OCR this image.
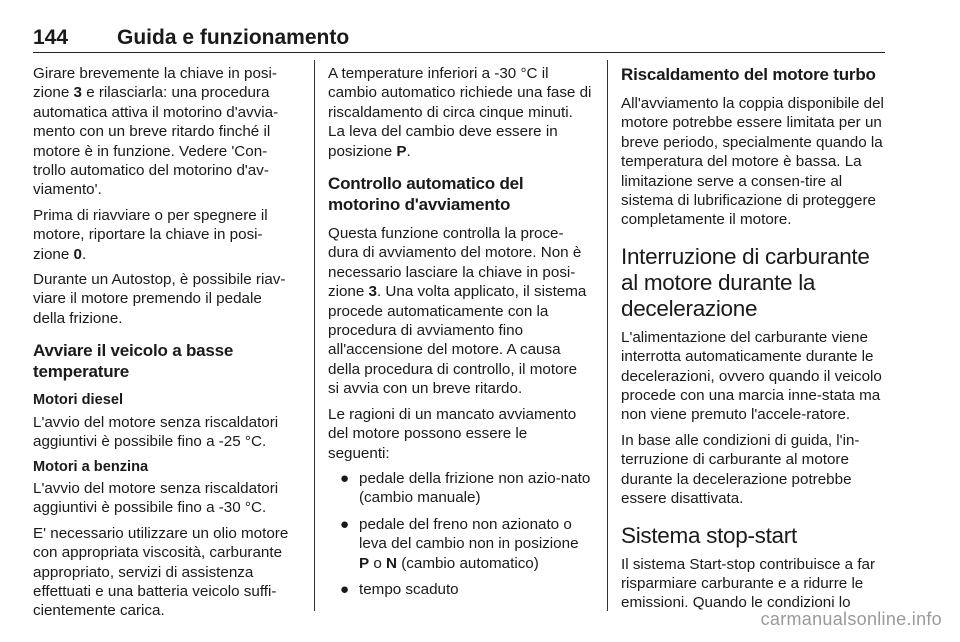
144 Guida e funzionamento

Girare brevemente la chiave in posi-zione 3 e rilasciarla: una procedura automatica attiva il motorino d'avvia-mento con un breve ritardo finché il motore è in funzione. Vedere 'Con-trollo automatico del motorino d'av-viamento'.

Prima di riavviare o per spegnere il motore, riportare la chiave in posi-zione 0.

Durante un Autostop, è possibile riav-viare il motore premendo il pedale della frizione.

Avviare il veicolo a basse temperature
Motori diesel

L'avvio del motore senza riscaldatori aggiuntivi è possibile fino a -25 °C.

Motori a benzina

L'avvio del motore senza riscaldatori aggiuntivi è possibile fino a -30 °C.

E' necessario utilizzare un olio motore con appropriata viscosità, carburante appropriato, servizi di assistenza effettuati e una batteria veicolo suffi-cientemente carica.

A temperature inferiori a -30 °C il cambio automatico richiede una fase di riscaldamento di circa cinque minuti. La leva del cambio deve essere in posizione P.

Controllo automatico del motorino d'avviamento

Questa funzione controlla la proce-dura di avviamento del motore. Non è necessario lasciare la chiave in posi-zione 3. Una volta applicato, il sistema procede automaticamente con la procedura di avviamento fino all'accensione del motore. A causa della procedura di controllo, il motore si avvia con un breve ritardo.

Le ragioni di un mancato avviamento del motore possono essere le seguenti:

● pedale della frizione non azio-nato (cambio manuale)
● pedale del freno non azionato o leva del cambio non in posizione P o N (cambio automatico)
● tempo scaduto
Riscaldamento del motore turbo

All'avviamento la coppia disponibile del motore potrebbe essere limitata per un breve periodo, specialmente quando la temperatura del motore è bassa. La limitazione serve a consen-tire al sistema di lubrificazione di proteggere completamente il motore.

Interruzione di carburante al motore durante la decelerazione

L'alimentazione del carburante viene interrotta automaticamente durante le decelerazioni, ovvero quando il veicolo procede con una marcia inne-stata ma non viene premuto l'accele-ratore.

In base alle condizioni di guida, l'in-terruzione di carburante al motore durante la decelerazione potrebbe essere disattivata.

Sistema stop-start

Il sistema Start-stop contribuisce a far risparmiare carburante e a ridurre le emissioni. Quando le condizioni lo

carmanualsonline.info
